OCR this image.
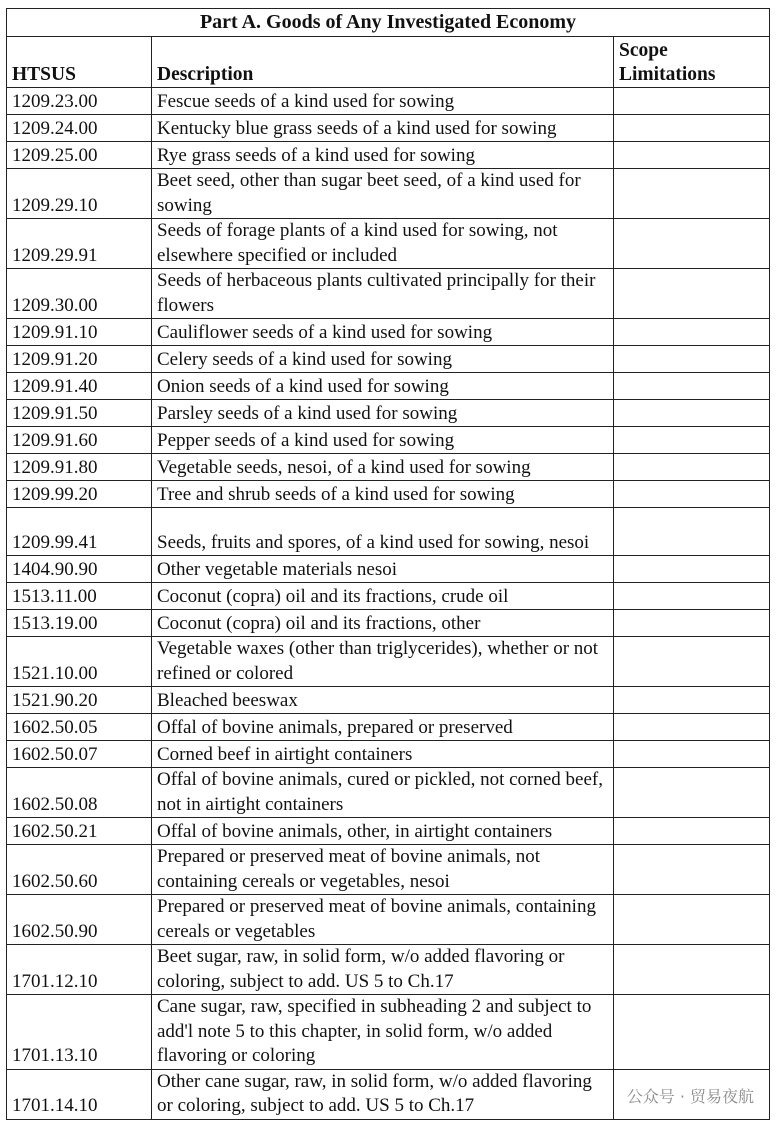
Part A. Goods of Any Investigated Economy		
HTSUS	Description	Scope Limitations
1209.23.00	Fescue seeds of a kind used for sowing	
1209.24.00	Kentucky blue grass seeds of a kind used for sowing	
1209.25.00	Rye grass seeds of a kind used for sowing	
1209.29.10	Beet seed, other than sugar beet seed, of a kind used for sowing	
1209.29.91	Seeds of forage plants of a kind used for sowing, not elsewhere specified or included	
1209.30.00	Seeds of herbaceous plants cultivated principally for their flowers	
1209.91.10	Cauliflower seeds of a kind used for sowing	
1209.91.20	Celery seeds of a kind used for sowing	
1209.91.40	Onion seeds of a kind used for sowing	
1209.91.50	Parsley seeds of a kind used for sowing	
1209.91.60	Pepper seeds of a kind used for sowing	
1209.91.80	Vegetable seeds, nesoi, of a kind used for sowing	
1209.99.20	Tree and shrub seeds of a kind used for sowing	
1209.99.41	Seeds, fruits and spores, of a kind used for sowing, nesoi	
1404.90.90	Other vegetable materials nesoi	
1513.11.00	Coconut (copra) oil and its fractions, crude oil	
1513.19.00	Coconut (copra) oil and its fractions, other	
1521.10.00	Vegetable waxes (other than triglycerides), whether or not refined or colored	
1521.90.20	Bleached beeswax	
1602.50.05	Offal of bovine animals, prepared or preserved	
1602.50.07	Corned beef in airtight containers	
1602.50.08	Offal of bovine animals, cured or pickled, not corned beef, not in airtight containers	
1602.50.21	Offal of bovine animals, other, in airtight containers	
1602.50.60	Prepared or preserved meat of bovine animals, not containing cereals or vegetables, nesoi	
1602.50.90	Prepared or preserved meat of bovine animals, containing cereals or vegetables	
1701.12.10	Beet sugar, raw, in solid form, w/o added flavoring or coloring, subject to add. US 5 to Ch.17	
1701.13.10	Cane sugar, raw, specified in subheading 2 and subject to add'l note 5 to this chapter, in solid form, w/o added flavoring or coloring	
1701.14.10	Other cane sugar, raw, in solid form, w/o added flavoring or coloring, subject to add. US 5 to Ch.17		公众号 · 贸易夜航
